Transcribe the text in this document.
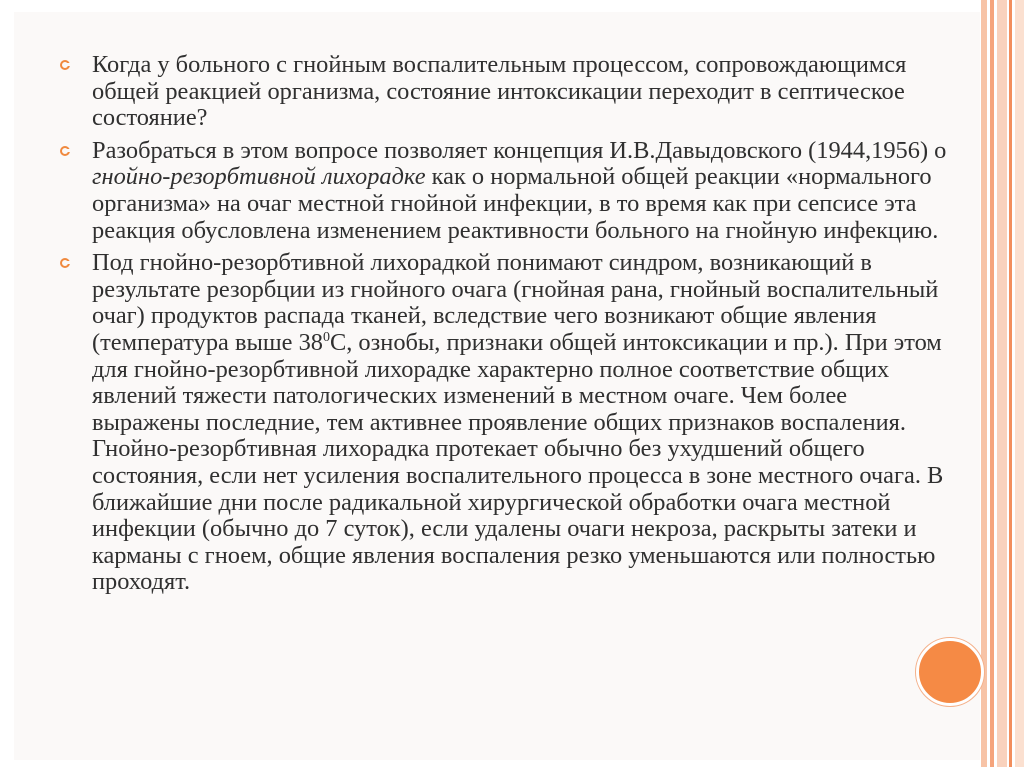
Когда у больного с гнойным воспалительным процессом, сопровождающимся общей реакцией организма, состояние интоксикации переходит в септическое состояние?
Разобраться в этом вопросе позволяет концепция И.В.Давыдовского (1944,1956) о гнойно-резорбтивной лихорадке как о нормальной общей реакции «нормального организма» на очаг местной гнойной инфекции, в то время как при сепсисе эта реакция обусловлена изменением реактивности больного на гнойную инфекцию.
Под гнойно-резорбтивной лихорадкой понимают синдром, возникающий в результате резорбции из гнойного очага (гнойная рана, гнойный воспалительный очаг) продуктов распада тканей, вследствие чего возникают общие явления (температура выше $38^0С$, ознобы, признаки общей интоксикации и пр.). При этом для гнойно-резорбтивной лихорадке характерно полное соответствие общих явлений тяжести патологических изменений в местном очаге. Чем более выражены последние, тем активнее проявление общих признаков воспаления. Гнойно-резорбтивная лихорадка протекает обычно без ухудшений общего состояния, если нет усиления воспалительного процесса в зоне местного очага. В ближайшие дни после радикальной хирургической обработки очага местной инфекции (обычно до 7 суток), если удалены очаги некроза, раскрыты затеки и карманы с гноем, общие явления воспаления резко уменьшаются или полностью проходят.
